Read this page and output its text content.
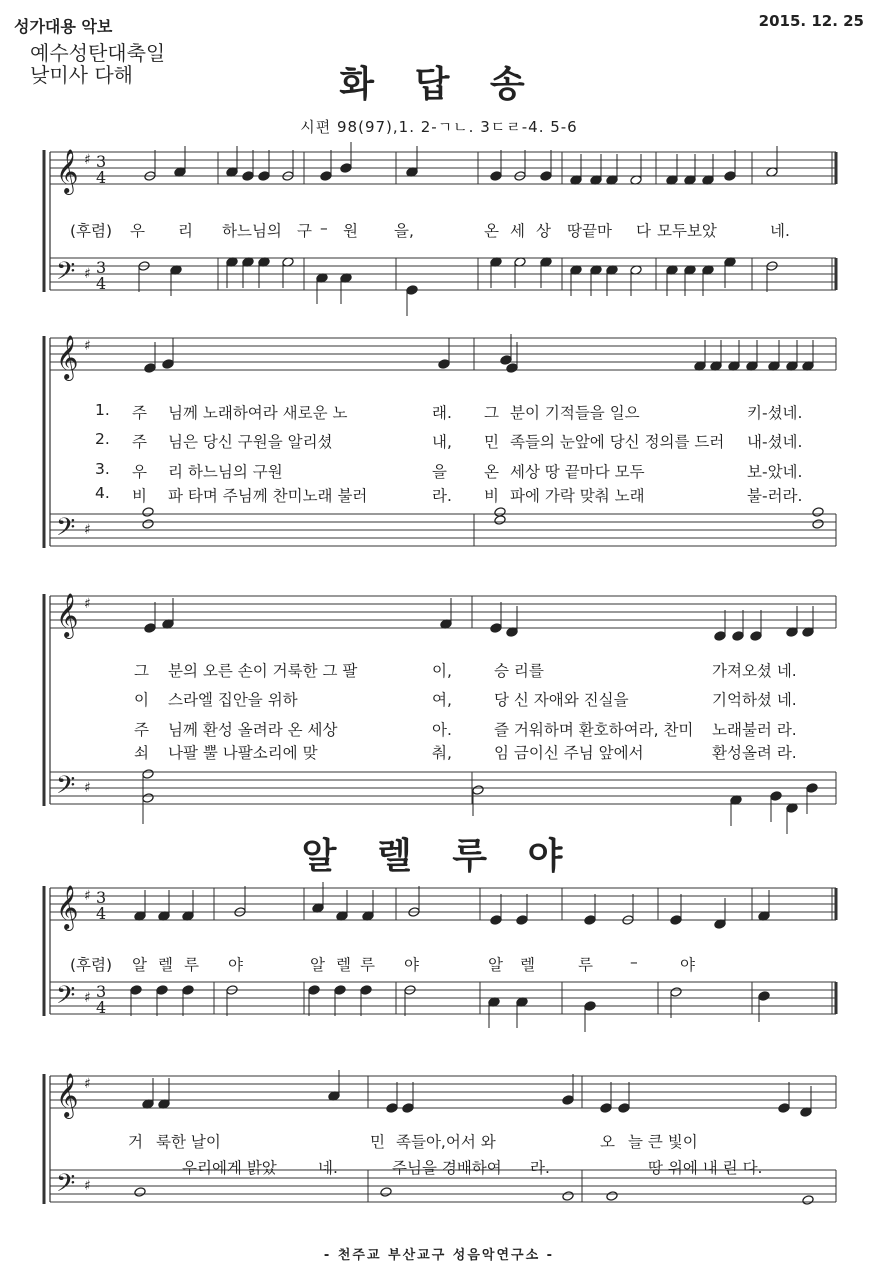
성가대용 악보	2015. 12. 25
예수성탄대축일
낮미사 다해	화 답 송
시편 98(97),1. 2-ㄱㄴ. 3ㄷㄹ-4. 5-6
𝄞
𝄢
♯
♯
3
4
3
4
𝄞
𝄢
♯
♯
𝄞
𝄢
♯
♯
𝄞
𝄢
♯
♯
3
4
3
4
𝄞
𝄢
♯
♯
(후렴) 우 리 하느님의 구 – 원 을,	온 세 상 땅끝마 다 모두보았	네.
1. 주 님께 노래하여라 새로운 노	래. 그 분이 기적들을 일으	키-셨네.
2. 주 님은 당신 구원을 알리셨	내, 민 족들의 눈앞에 당신 정의를 드러 내-셨네.
3. 우 리 하느님의 구원	을 온 세상 땅 끝마다 모두	보-았네.
4. 비 파 타며 주님께 찬미노래 불러	라. 비 파에 가락 맞춰 노래	불-러라.
그 분의 오른 손이 거룩한 그 팔	이,	승 리를	가져오셨 네.
이 스라엘 집안을 위하	여,	당 신 자애와 진실을	기억하셨 네.
주 님께 환성 올려라 온 세상	아.	즐 거워하며 환호하여라, 찬미 노래불러 라.
쇠 나팔 뿔 나팔소리에 맞	춰,	임 금이신 주님 앞에서	환성올려 라.
알 렐 루 야
(후렴) 알 렐 루 야	알 렐 루 야	알 렐	루 –	야
거 룩한 날이	민 족들아,어서 와	오 늘 큰 빛이
우리에게 밝았	네.	주님을 경배하여 라.	땅 위에 내 린 다.
- 천주교 부산교구 성음악연구소 -
